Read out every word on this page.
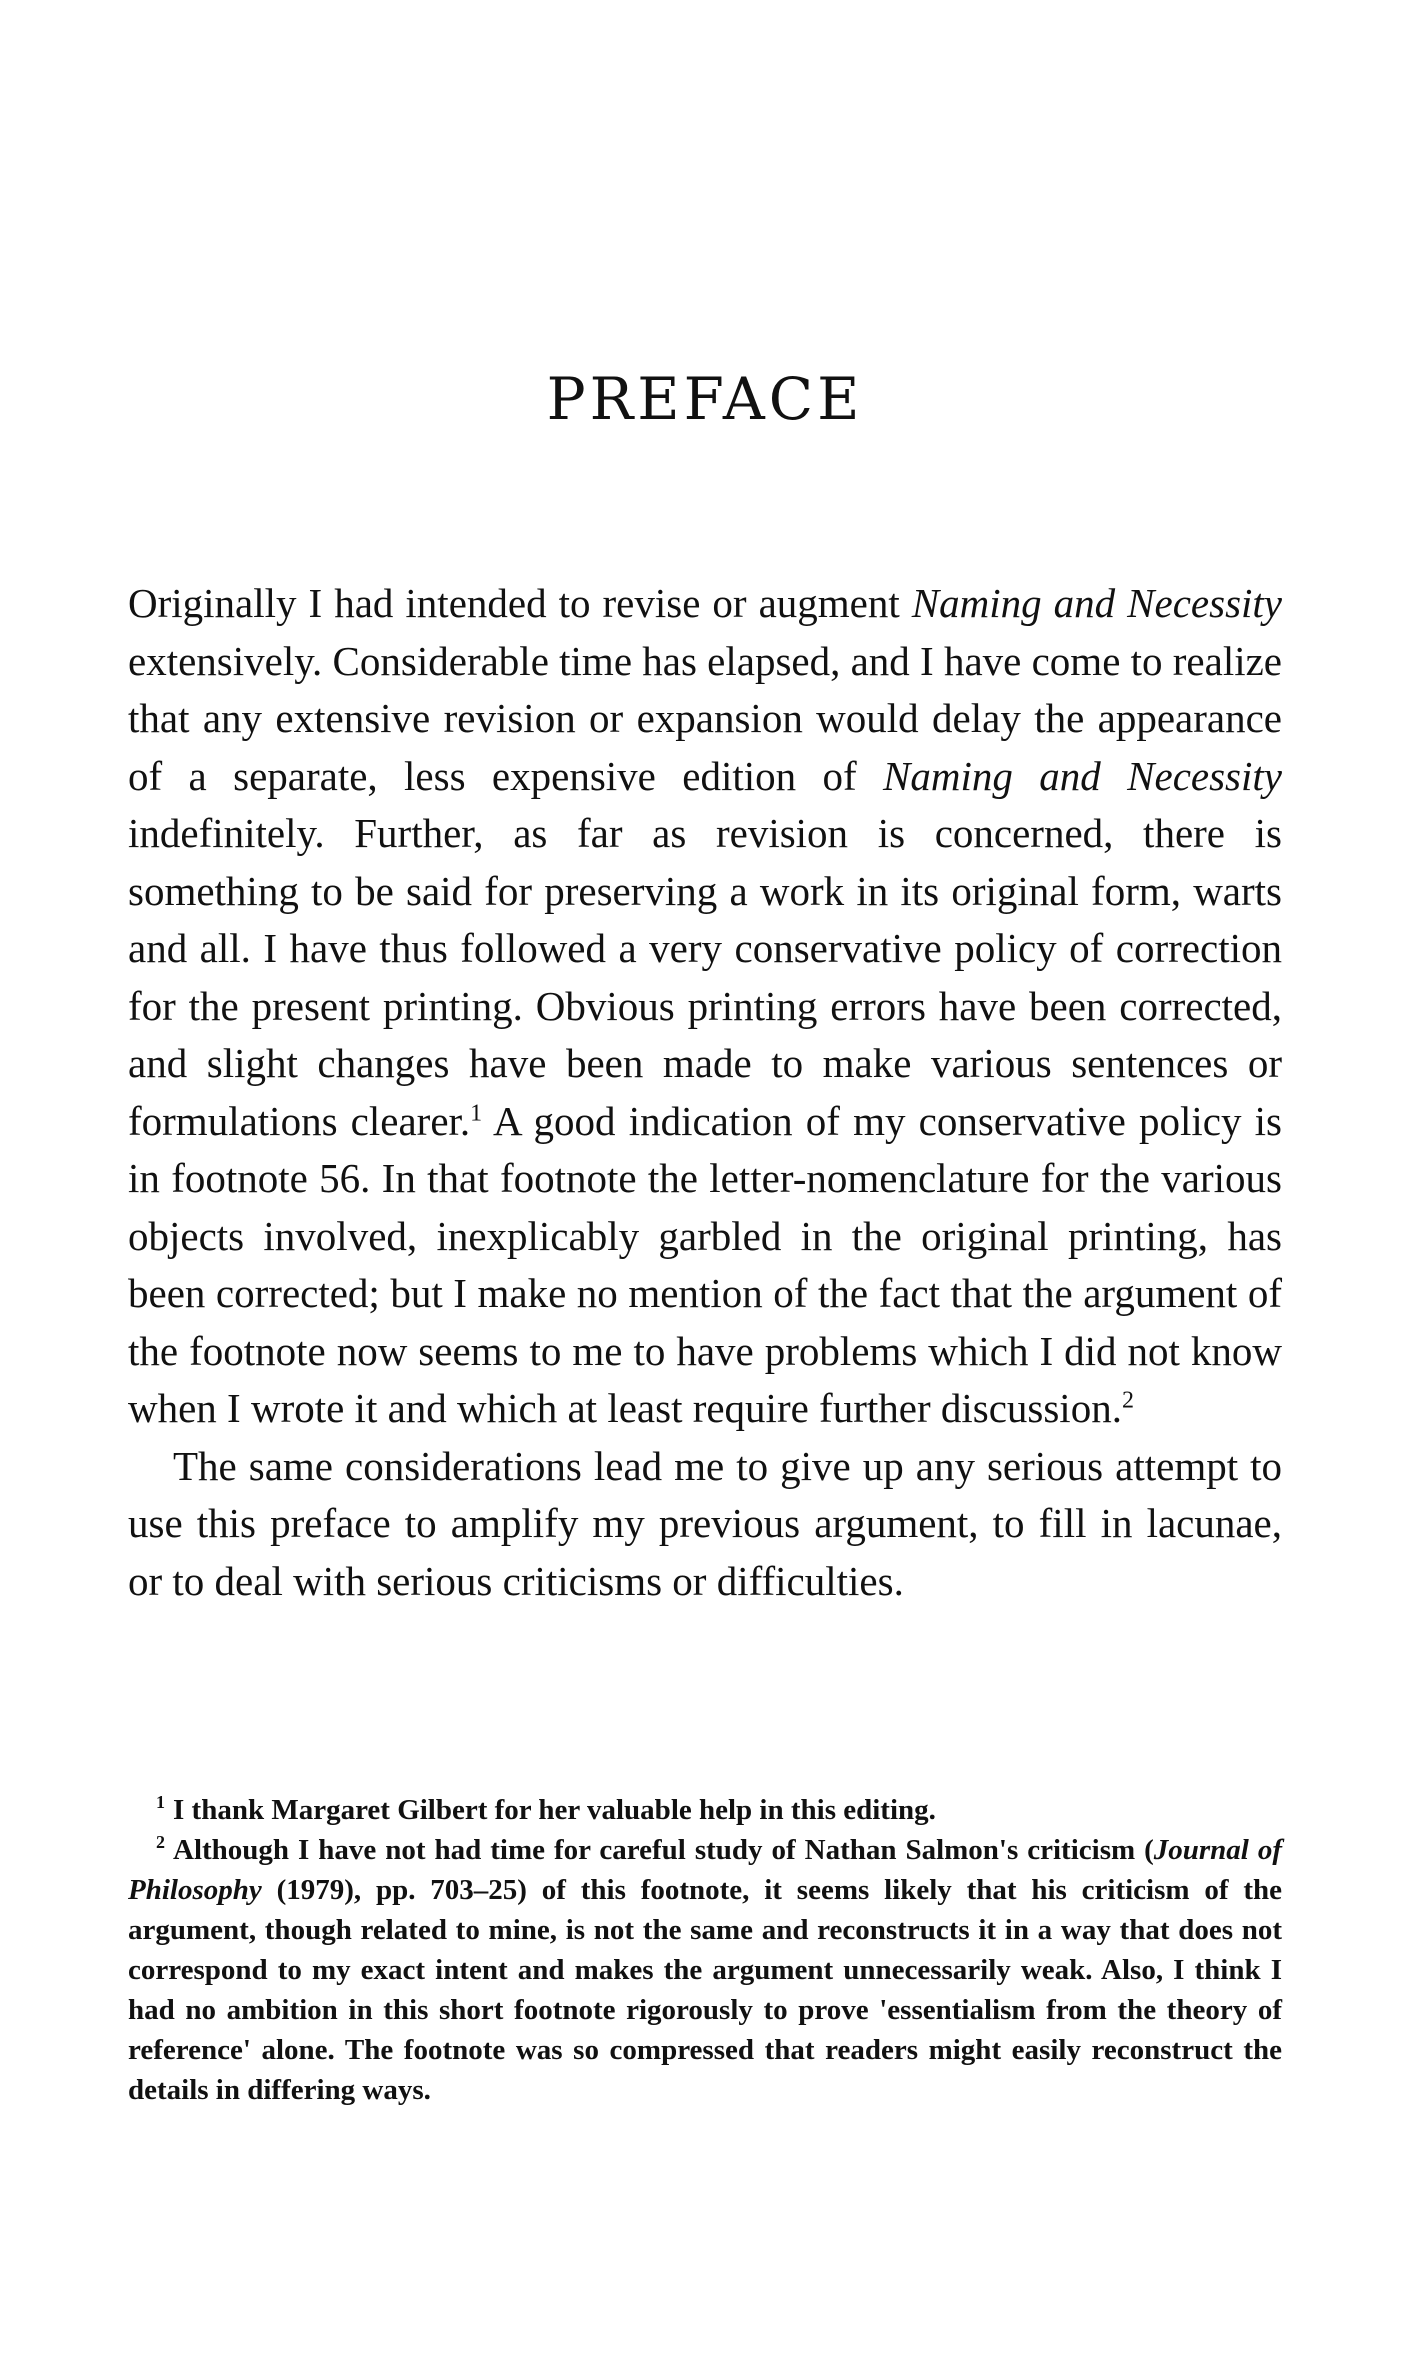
PREFACE

Originally I had intended to revise or augment Naming and Necessity extensively. Considerable time has elapsed, and I have come to realize that any extensive revision or expansion would delay the appearance of a separate, less expensive edition of Naming and Necessity indefinitely. Further, as far as revision is concerned, there is something to be said for preserving a work in its original form, warts and all. I have thus followed a very conservative policy of correction for the present printing. Obvious printing errors have been corrected, and slight changes have been made to make various sentences or formulations clearer.$^1$ A good indication of my conservative policy is in footnote 56. In that footnote the letter-nomenclature for the various objects involved, inexplicably garbled in the original printing, has been corrected; but I make no mention of the fact that the argument of the footnote now seems to me to have problems which I did not know when I wrote it and which at least require further discussion.$^2$

The same considerations lead me to give up any serious attempt to use this preface to amplify my previous argument, to fill in lacunae, or to deal with serious criticisms or difficulties.

$^1$ I thank Margaret Gilbert for her valuable help in this editing.

$^2$ Although I have not had time for careful study of Nathan Salmon's criticism (Journal of Philosophy (1979), pp. 703–25) of this footnote, it seems likely that his criticism of the argument, though related to mine, is not the same and reconstructs it in a way that does not correspond to my exact intent and makes the argument unnecessarily weak. Also, I think I had no ambition in this short footnote rigorously to prove 'essentialism from the theory of reference' alone. The footnote was so compressed that readers might easily reconstruct the details in differing ways.
